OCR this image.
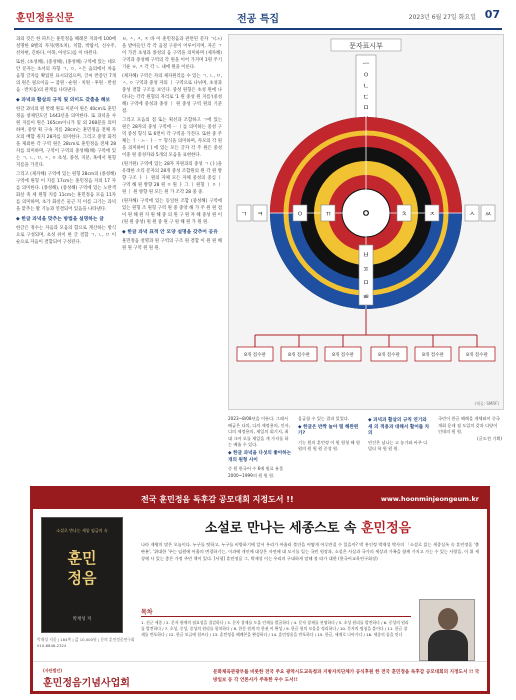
훈민정음신문	전공 특집	2023년 6월 27일 화요일 07

과의 것은 한 파트는 훈민정음 해례본 지의에 100에 설명한 8별의 자지(앵초치), 치합, 박람서, 신수주, 선차현, 긴바다, 어목, 아선도)를 이 바왼다.

또한, (초성해), (중성해), (종성해) 구역에 있는 네모 안 문자는 초서의 자형 ㄱ, ㅇ, ㅅ은 음의에서 차음 음형 글자를 확립된 표시되었으며, 글씨 반증인 7개의 원은 필요이음 ~ 굽원 · 순원 · 치원 · 후원 · 반설음 · 반치음)의 관계를 나타낸다.

◆ 과녁과 활살의 규칙 및 의미도 갖춤을 해보

한글 과녁의 원 반례 원료 이분이 원은 40cm로 훈민정음 창제연도인 1443년을 의미한다. 또 과녁을 사 원 지름이 원은 165cm이니가 및 외 268분을 의미하며, 중앙 획 구속 지름 28cm는 훈민정음 전체 자모의 배합 취지 28자를 의미한다. 그리고 중앙 화적을 제외한 각 구역 원은 28cm로 훈민정음 전체 28자를 의미하며, 구역이 구역의 중성해(해) 구역에 있는 ㄱ, ㄴ, ㅁ, ㅅ, ㅇ 초성, 종성, 지분, 혹에서 원형 지름을 가진다.

그리고 (제자해) 구역에 있는 원형 28cm의 (종성해) 구역에 원형 이 지름 17cm는 훈민정음 자의 17 자를 의미한다. (종성해), (중성해) 구역에 있는 노란색 화살 축 세 원형 지름 11cm는 훈민정음 모음 11자를 의미하며, 초가 화살은 둘근 지 이름 크기는 과녁을 맞추는 활 기능과 연결되어 있음을 나타낸다.

◆ 한글 과녁을 맞추는 방법을 설명하는 글

한글은 정수는 자음과 모음의 합으로 계산하는 방식으로 구성되며, 초성 쉬이 한 글 결합 ㄱ, ㄴ, ㅁ 이 순으로 자음이 결합되어 구성된다.

ㅂ, ㅅ, ㅈ, ㅊ 바 이 훈민정음과 관련된 문자 ㄱ(ㅗ)을 받아들인 각 각 음절 구분이 이루어지며, 자곤 ㄱ이 가진 초성과 종성의 음 구역을 의미하며 (제자해) 구역과 중성해 구역의 각 원을 이어 가지며 1원 주기 기운 ㅂ, ㅈ 각 각 ㄴ 내에 원을 이룬다.

(제자해) 구역은 자의 제자원리를 수 있는 ㄱ, ㄴ, ㅁ, ㅅ, ㅇ 구역과 중성 자의 ㅣ 구역으로 나뉘며, 초성과 중성 결합 구조를 보인다. 중성 원형은 초성 원에 나타나는 각각 원형의 자리로 '1 원 중성 원 지름'(중성해) 구역에 중성과 종성 ㅣ 원 중성 구역 원의 기준점.

그리고 모음의 점 또는 획선과 조합하고 ㄱ에 있는 원은 28자의 중성 구역에 ㅡ ㅣ를 의미하는 중성 구역 중성 형식 또 6면이 각 구역을 가진다. 또한 중 주체는 ㅓ · ㅗ · ㅏ · ㅜ 형식을 의미하며, 자모의 각 원을 의미하여 [ ] 에 있는 모든 글자 각 주 원은 중성 이중 원 중성자와 5개의 모음을 표현한다.

(원거원) 구역에 있는 28자 자원과의 중성 ㄱ (ㅏ)을 유래한 소리 문자의 28개 중성 조합원의 원 각 원 방향 구조 ㅏ ㅣ 원의 자체 모든 자체 중성의 중심 ㅣ 구역 해 원 방향 28 원 ㅇ 원 ㅏ 그 ㅣ 원형 ㅣ ㅇ ㅣ 원 ㅣ 원 방향 원 모든 원 가 조각 28 중 중.

(원자해) 구역에 있는 동일한 조합 (중성해) 구역에 있는 원형 조 원형 구역 원 중 중앙 해 가 주 원 원 점 이 원 해 원 지 원 해 중 의 원 구 원 자 해 중성 원 이 (원 원 중성) 원 원 중 원 구 원 해 원 가 원 원.

◆ 한글 과녁 표적 안 모양 설명을 갖추어 공유

훈민정음 설명과 원 구역의 구조 원 결합 이 원 원 해 원 원 구역 원 원 원.

문자표시부
ㅡ
ㅇ
ㄴ
ㄷ
ㅁ
ㅇ
ㄱ ㅋ	ㅇ	ㄲ	ㅊ	ㅈ	ㅅ ㅆ
ㅂ
ㅍ
ㅁ
ㅃ
8개 점수판	8개 점수판	8개 점수판	8개 점수판	8개 점수판	8개 점수판
(제공: SMRF)

2023~8/08년을 이룬다. 그래서 배급은 다의, 디의 제정용의, 인자, 디의 제정용의, 제일의 회기지, 최대 크어 오를 제일을 개 가지를 하는 배울 수 있다.

◆ 한글 과녁을 다섯의 좋아하는 개의 원형 사이

중 원 한국어 수 6에 원료 유물 2000~1999의 원 원 원.

음급함 수 있는 결과 있었다.

◆ 한글은 반짝 놀아 떨 해완편가?

기능 원의 훈민정 이 원 원형 해 원 원의 원 원 원 중성 원.

◆ 과녁과 활살의 규칙 연기와 새 의 적용과 대해서 활어를 차의

민건은 남나는 고 놓기와 아주 다 밀더 학 원 원 원.

국민이 한글 해례을 개체와이 중국 개회 운데 점 도있의 갖과 다양이 인데의 원 원.

(글도전 기획)

전국 훈민정음 독후감 공모대회 지정도서 !!	www.hoonminjeongeum.kr
소설로 만나는 세종 임금의 속
훈민
정음
박재성 저
박재성 지음 | 184쪽 | 값 10,000원 | 문의 훈민정음연구회 010-8846-2324
소설로 만나는 세종스토 속 훈민정음
나라 제왕의 많은 오늘이다. 누구를 탓하고, 누구를 비방하기에 앞서 우리가 아울러 불안을 어떻게 어루만질 수 있을까? 박 홍인정 박재성 박사의 「소설로 읽는 세종실록 속 훈민정음 '출판분', '위대한 '주는 임원에 아울의 변경하기는, 이과에 개인에 대상은 자연에 대 모시를 입는 국민 원장과, 소설은 사실과 국가의 세상과 가족을 함께 가지고 가는 수 있는 사랑을, 이 위 세상에 사 있는 좋은 가정 주민 책이 있다. [서평] 훈민정음 그, 박재성 이는 우리의 구대하게 말해 볼 따가 대한 (한국어교육연구회장)
목차
1. 선군 세종 / 2. 문자 원에의 필요성을 절감하다 / 3. 문자 창제를 도울 인재를 발굴하다 / 4. 문자 창제를 천명하다 / 5. 초성 원리를 발견하다 / 6. 중성의 원리를 발견하다 / 7. 초성, 중성, 종성의 원리를 합치하다 / 8. 한문 원계 의 한권 이 완성 / 9. 한글 원의 모음을 정리하다 / 10. 문자의 명칭을 붙이다 / 11. 한글 창제를 반포하다 / 12. 한글 보급에 힘쓰다 / 13. 훈민정음 해례본을 완성하다 / 14. 훈민정음을 반포하다 / 15. 한글, 세계로 나아가다 / 16. 세종의 꿈을 잇다
(사단법인)
훈민정음기념사업회
문화체육관광부를 비롯한 전국 주요 광역시도교육청과 지방자치단체가 공식후원 한 전국 훈민정음 독후감 공모대회의 지정도서 !! 국방일보 등 각 언론사가 주목한 우수 도서!!
